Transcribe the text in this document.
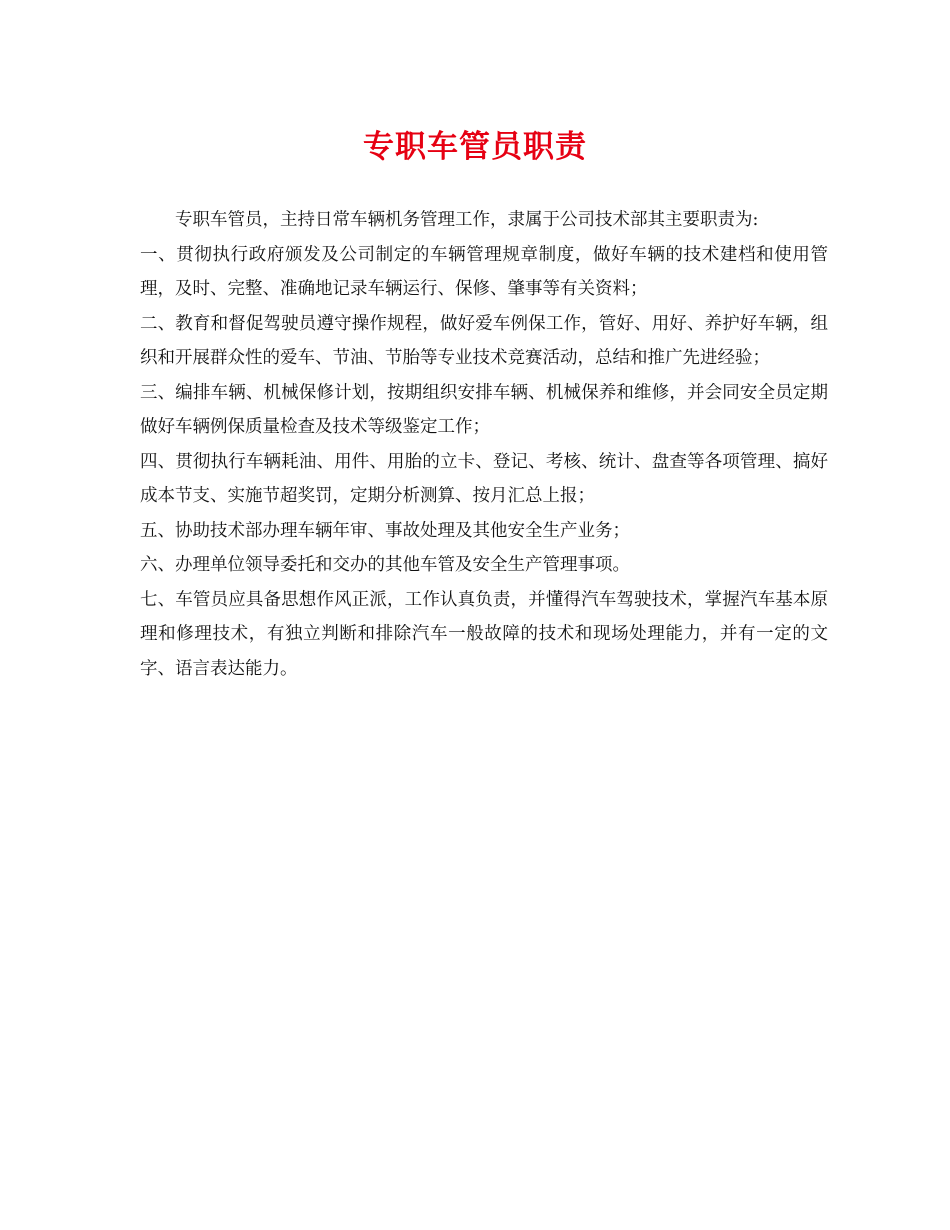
专职车管员职责

专职车管员，主持日常车辆机务管理工作，隶属于公司技术部其主要职责为:

一、贯彻执行政府颁发及公司制定的车辆管理规章制度，做好车辆的技术建档和使用管理，及时、完整、准确地记录车辆运行、保修、肇事等有关资料；

二、教育和督促驾驶员遵守操作规程，做好爱车例保工作，管好、用好、养护好车辆，组织和开展群众性的爱车、节油、节胎等专业技术竞赛活动，总结和推广先进经验；

三、编排车辆、机械保修计划，按期组织安排车辆、机械保养和维修，并会同安全员定期做好车辆例保质量检查及技术等级鉴定工作；

四、贯彻执行车辆耗油、用件、用胎的立卡、登记、考核、统计、盘查等各项管理、搞好成本节支、实施节超奖罚，定期分析测算、按月汇总上报；

五、协助技术部办理车辆年审、事故处理及其他安全生产业务；

六、办理单位领导委托和交办的其他车管及安全生产管理事项。

七、车管员应具备思想作风正派，工作认真负责，并懂得汽车驾驶技术，掌握汽车基本原理和修理技术，有独立判断和排除汽车一般故障的技术和现场处理能力，并有一定的文字、语言表达能力。
